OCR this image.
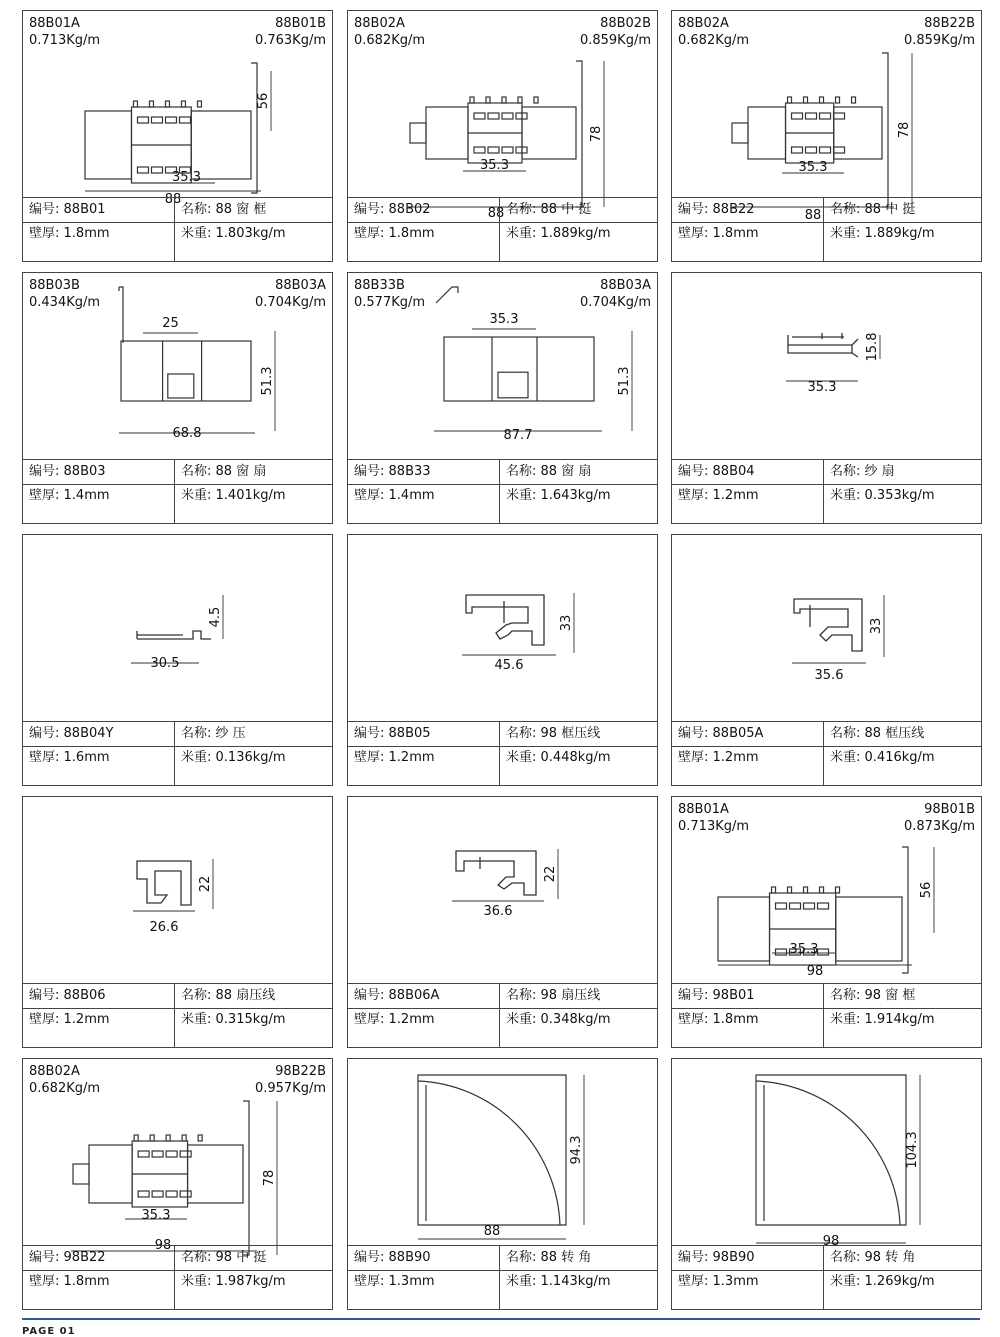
35.3
88
56
88B01A
0.713Kg/m
88B01B
0.763Kg/m
编号: 88B01	名称: 88 窗 框
壁厚: 1.8mm	米重: 1.803kg/m
35.3
88
78
88B02A
0.682Kg/m
88B02B
0.859Kg/m
编号: 88B02	名称: 88 中 挺
壁厚: 1.8mm	米重: 1.889kg/m
35.3
88
78
88B02A
0.682Kg/m
88B22B
0.859Kg/m
编号: 88B22	名称: 88 中 挺
壁厚: 1.8mm	米重: 1.889kg/m
25
68.8
51.3
88B03B
0.434Kg/m
88B03A
0.704Kg/m
编号: 88B03	名称: 88 窗 扇
壁厚: 1.4mm	米重: 1.401kg/m
35.3
87.7
51.3
88B33B
0.577Kg/m
88B03A
0.704Kg/m
编号: 88B33	名称: 88 窗 扇
壁厚: 1.4mm	米重: 1.643kg/m
35.3
15.8
编号: 88B04	名称: 纱 扇
壁厚: 1.2mm	米重: 0.353kg/m
30.5
4.5
编号: 88B04Y	名称: 纱 压
壁厚: 1.6mm	米重: 0.136kg/m
45.6
33
编号: 88B05	名称: 98 框压线
壁厚: 1.2mm	米重: 0.448kg/m
35.6
33
编号: 88B05A	名称: 88 框压线
壁厚: 1.2mm	米重: 0.416kg/m
26.6
22
编号: 88B06	名称: 88 扇压线
壁厚: 1.2mm	米重: 0.315kg/m
36.6
22
编号: 88B06A	名称: 98 扇压线
壁厚: 1.2mm	米重: 0.348kg/m
35.3
98
56
88B01A
0.713Kg/m
98B01B
0.873Kg/m
编号: 98B01	名称: 98 窗 框
壁厚: 1.8mm	米重: 1.914kg/m
35.3
98
78
88B02A
0.682Kg/m
98B22B
0.957Kg/m
编号: 98B22	名称: 98 中 挺
壁厚: 1.8mm	米重: 1.987kg/m
88
94.3
编号: 88B90	名称: 88 转 角
壁厚: 1.3mm	米重: 1.143kg/m
98
104.3
编号: 98B90	名称: 98 转 角
壁厚: 1.3mm	米重: 1.269kg/m
PAGE 01
